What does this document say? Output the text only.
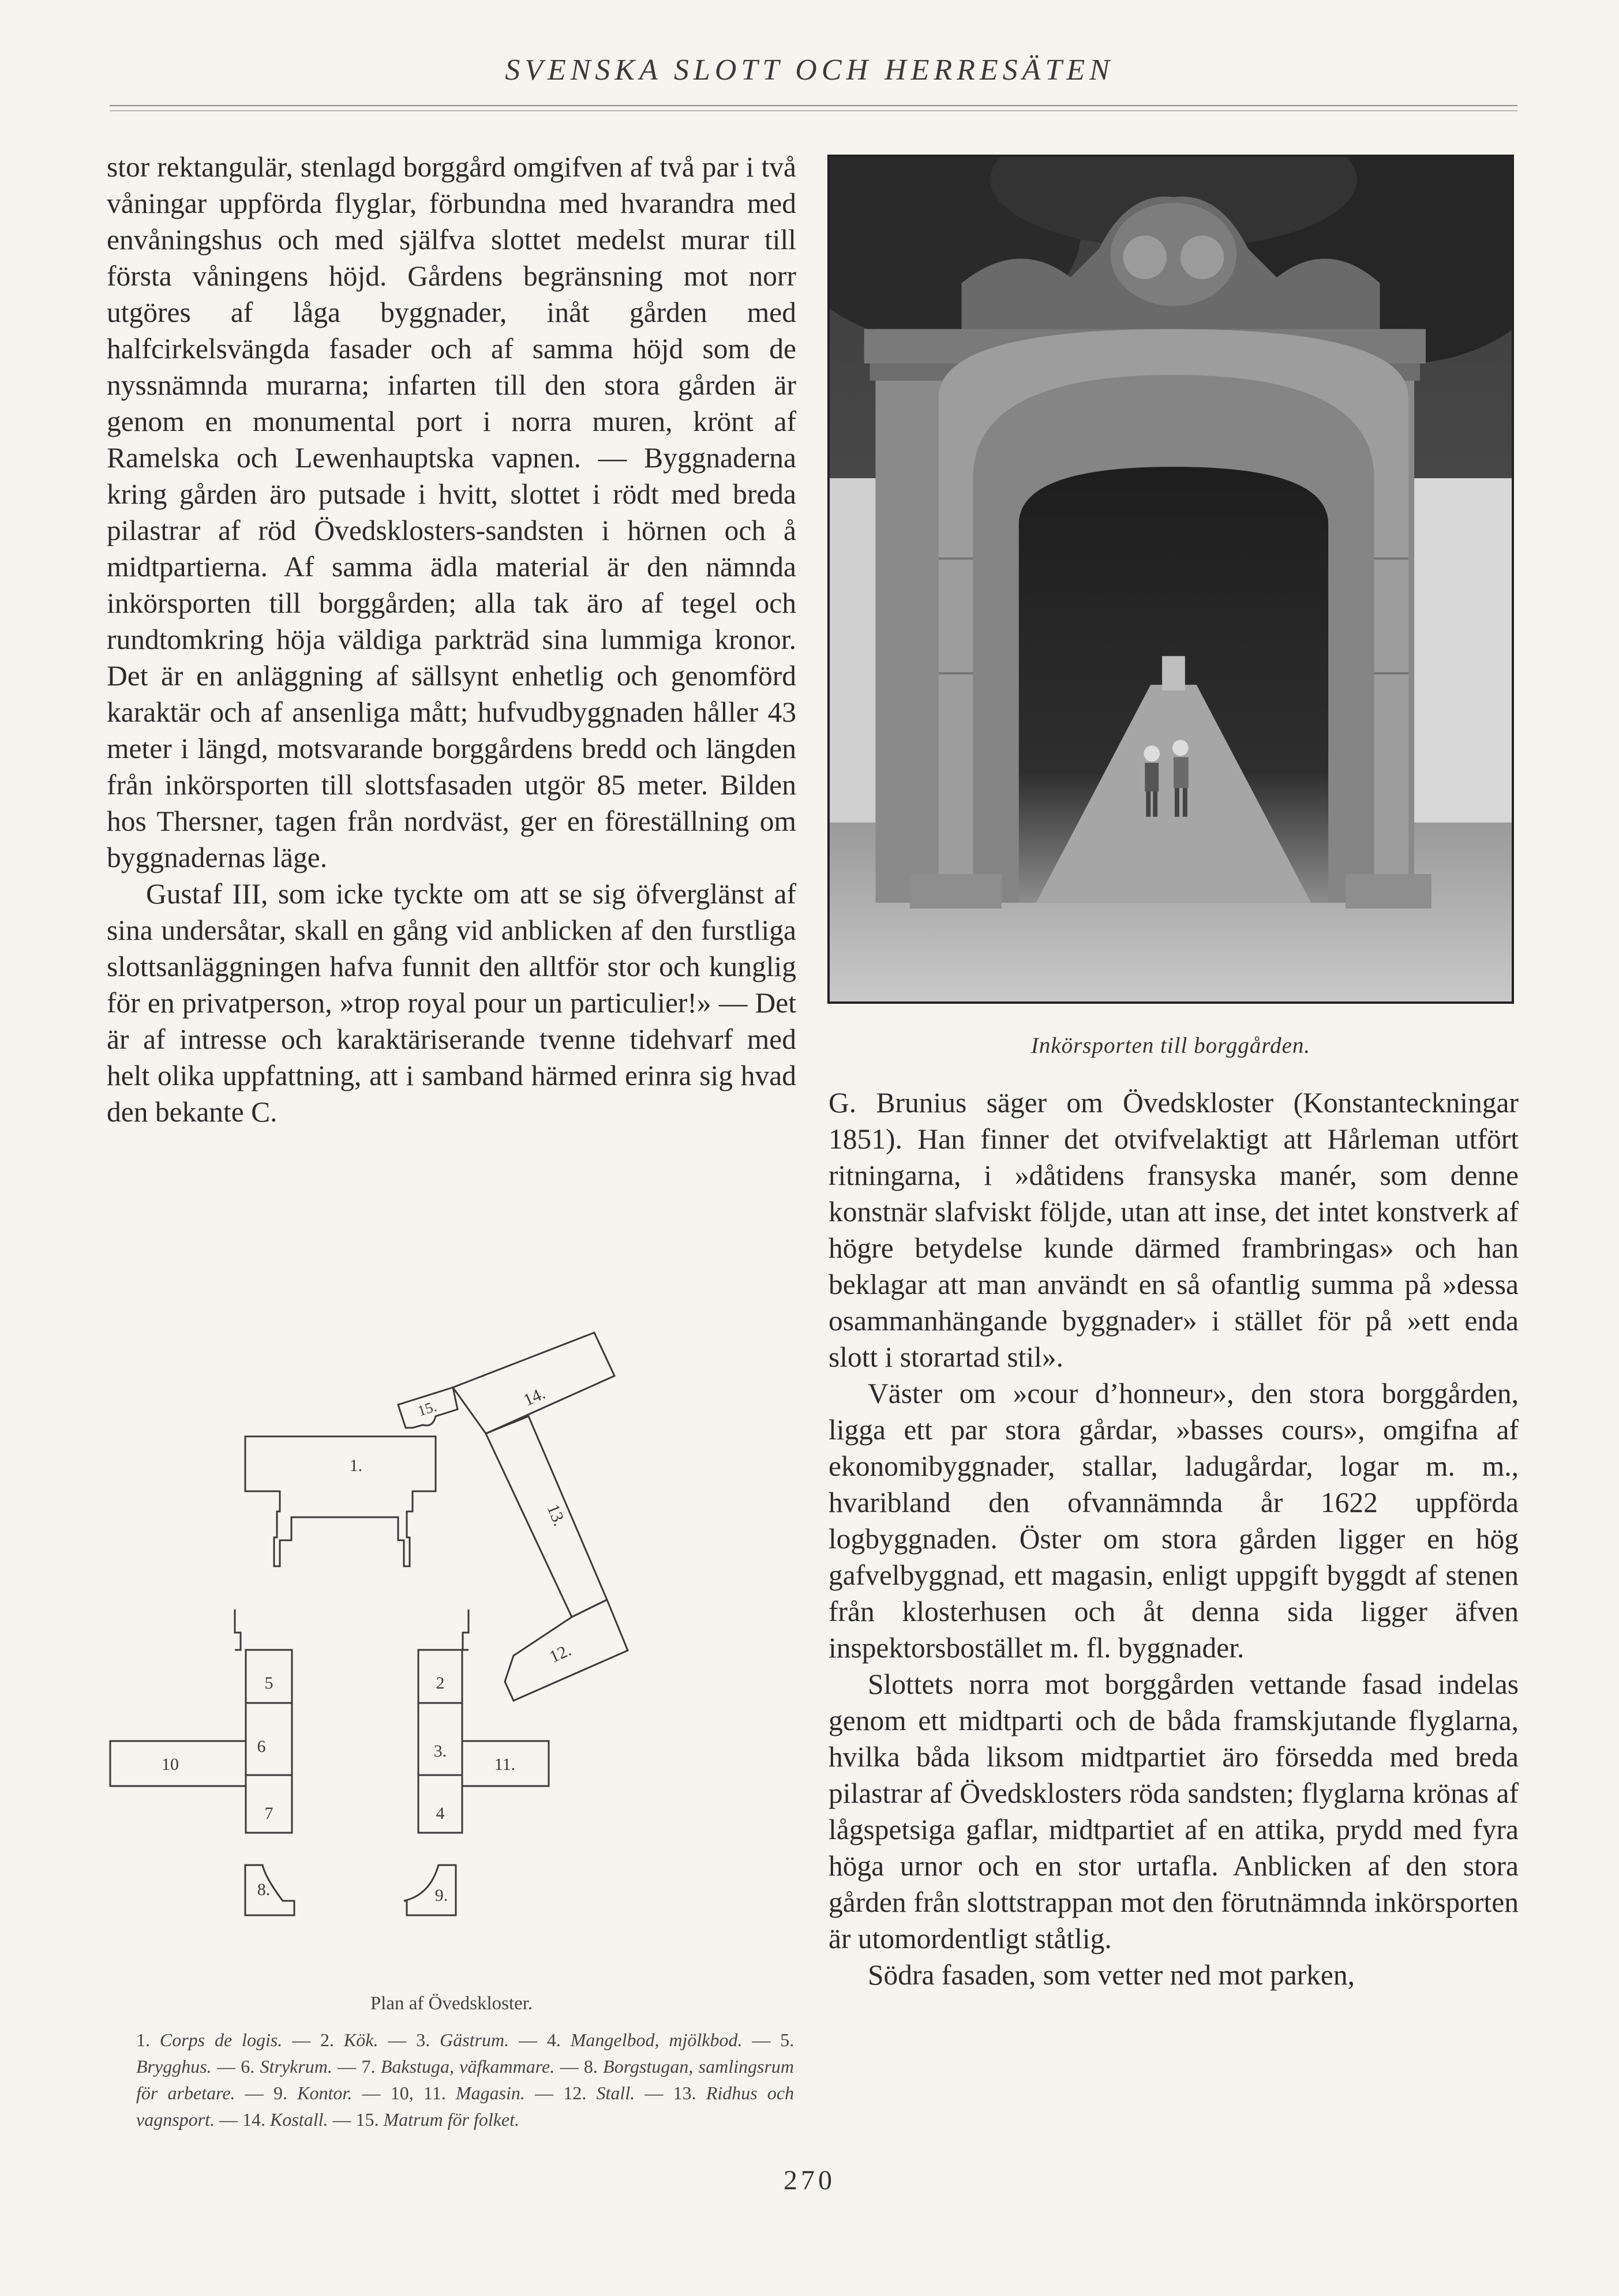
SVENSKA SLOTT OCH HERRESÄTEN

stor rektangulär, stenlagd borggård omgifven af två par i två våningar uppförda flyglar, förbundna med hvarandra med envåningshus och med själfva slottet medelst murar till första våningens höjd. Gårdens begränsning mot norr utgöres af låga byggnader, inåt gården med halfcirkelsvängda fasader och af samma höjd som de nyssnämnda murarna; infarten till den stora gården är genom en monumental port i norra muren, krönt af Ramelska och Lewenhauptska vapnen. — Byggnaderna kring gården äro putsade i hvitt, slottet i rödt med breda pilastrar af röd Övedsklosters-sandsten i hörnen och å midtpartierna. Af samma ädla material är den nämnda inkörsporten till borggården; alla tak äro af tegel och rundtomkring höja väldiga parkträd sina lummiga kronor. Det är en anläggning af sällsynt enhetlig och genomförd karaktär och af ansenliga mått; hufvudbyggnaden håller 43 meter i längd, motsvarande borggårdens bredd och längden från inkörsporten till slottsfasaden utgör 85 meter. Bilden hos Thersner, tagen från nordväst, ger en föreställning om byggnadernas läge.

Gustaf III, som icke tyckte om att se sig öfverglänst af sina undersåtar, skall en gång vid anblicken af den furstliga slottsanläggningen hafva funnit den alltför stor och kunglig för en privatperson, »trop royal pour un particulier!» — Det är af intresse och karaktäriserande tvenne tidehvarf med helt olika uppfattning, att i samband härmed erinra sig hvad den bekante C.

Inkörsporten till borggården.

G. Brunius säger om Övedskloster (Konstanteckningar 1851). Han finner det otvifvelaktigt att Hårleman utfört ritningarna, i »dåtidens fransyska manér, som denne konstnär slafviskt följde, utan att inse, det intet konstverk af högre betydelse kunde därmed frambringas» och han beklagar att man användt en så ofantlig summa på »dessa osammanhängande byggnader» i stället för på »ett enda slott i storartad stil».

Väster om »cour d’honneur», den stora borggården, ligga ett par stora gårdar, »basses cours», omgifna af ekonomibyggnader, stallar, ladugårdar, logar m. m., hvaribland den ofvannämnda år 1622 uppförda logbyggnaden. Öster om stora gården ligger en hög gafvelbyggnad, ett magasin, enligt uppgift byggdt af stenen från klosterhusen och åt denna sida ligger äfven inspektorsbostället m. fl. byggnader.

Slottets norra mot borggården vettande fasad indelas genom ett midtparti och de båda framskjutande flyglarna, hvilka båda liksom midtpartiet äro försedda med breda pilastrar af Övedsklosters röda sandsten; flyglarna krönas af lågspetsiga gaflar, midtpartiet af en attika, prydd med fyra höga urnor och en stor urtafla. Anblicken af den stora gården från slottstrappan mot den förutnämnda inkörsporten är utomordentligt ståtlig.

Södra fasaden, som vetter ned mot parken,

1.
2
3.
4
5
6
7
8.	9.
10	11.
12.
13.
14.
15.
Plan af Övedskloster.
1. Corps de logis. — 2. Kök. — 3. Gästrum. — 4. Mangelbod, mjölkbod. — 5. Brygghus. — 6. Strykrum. — 7. Bakstuga, väfkammare. — 8. Borgstugan, samlingsrum för arbetare. — 9. Kontor. — 10, 11. Magasin. — 12. Stall. — 13. Ridhus och vagnsport. — 14. Kostall. — 15. Matrum för folket.
270
